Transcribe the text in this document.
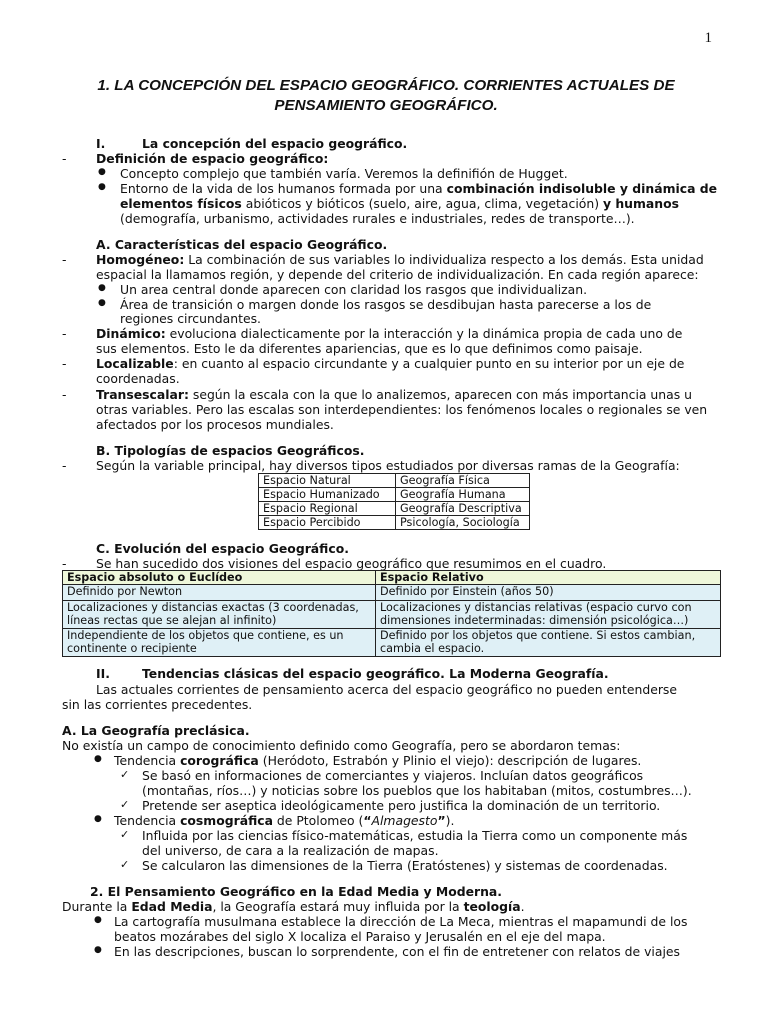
1
1. LA CONCEPCIÓN DEL ESPACIO GEOGRÁFICO. CORRIENTES ACTUALES DE
PENSAMIENTO GEOGRÁFICO.
I.	La concepción del espacio geográfico.
- Definición de espacio geográfico:
● Concepto complejo que también varía. Veremos la definifión de Hugget.
● Entorno de la vida de los humanos formada por una combinación indisoluble y dinámica de
elementos físicos abióticos y bióticos (suelo, aire, agua, clima, vegetación) y humanos
(demografía, urbanismo, actividades rurales e industriales, redes de transporte…).
A. Características del espacio Geográfico.
- Homogéneo: La combinación de sus variables lo individualiza respecto a los demás. Esta unidad
espacial la llamamos región, y depende del criterio de individualización. En cada región aparece:
● Un area central donde aparecen con claridad los rasgos que individualizan.
● Área de transición o margen donde los rasgos se desdibujan hasta parecerse a los de
regiones circundantes.
- Dinámico: evoluciona dialecticamente por la interacción y la dinámica propia de cada uno de
sus elementos. Esto le da diferentes apariencias, que es lo que definimos como paisaje.
- Localizable: en cuanto al espacio circundante y a cualquier punto en su interior por un eje de
coordenadas.
- Transescalar: según la escala con la que lo analizemos, aparecen con más importancia unas u
otras variables. Pero las escalas son interdependientes: los fenómenos locales o regionales se ven
afectados por los procesos mundiales.
B. Tipologías de espacios Geográficos.
- Según la variable principal, hay diversos tipos estudiados por diversas ramas de la Geografía:
Espacio Natural	Geografía Física
Espacio Humanizado	Geografía Humana
Espacio Regional	Geografía Descriptiva
Espacio Percibido	Psicología, Sociología
C. Evolución del espacio Geográfico.
- Se han sucedido dos visiones del espacio geográfico que resumimos en el cuadro.
Espacio absoluto o Euclídeo	Espacio Relativo
Definido por Newton	Definido por Einstein (años 50)
Localizaciones y distancias exactas (3 coordenadas, líneas rectas que se alejan al infinito)	Localizaciones y distancias relativas (espacio curvo con dimensiones indeterminadas: dimensión psicológica…)
Independiente de los objetos que contiene, es un continente o recipiente	Definido por los objetos que contiene. Si estos cambian, cambia el espacio.
II.	Tendencias clásicas del espacio geográfico. La Moderna Geografía.
Las actuales corrientes de pensamiento acerca del espacio geográfico no pueden entenderse
sin las corrientes precedentes.
A. La Geografía preclásica.
No existía un campo de conocimiento definido como Geografía, pero se abordaron temas:
● Tendencia corográfica (Heródoto, Estrabón y Plinio el viejo): descripción de lugares.
✓ Se basó en informaciones de comerciantes y viajeros. Incluían datos geográficos
(montañas, ríos…) y noticias sobre los pueblos que los habitaban (mitos, costumbres…).
✓ Pretende ser aseptica ideológicamente pero justifica la dominación de un territorio.
● Tendencia cosmográfica de Ptolomeo (“Almagesto”).
✓ Influida por las ciencias físico-matemáticas, estudia la Tierra como un componente más
del universo, de cara a la realización de mapas.
✓ Se calcularon las dimensiones de la Tierra (Eratóstenes) y sistemas de coordenadas.
2. El Pensamiento Geográfico en la Edad Media y Moderna.
Durante la Edad Media, la Geografía estará muy influida por la teología.
● La cartografía musulmana establece la dirección de La Meca, mientras el mapamundi de los
beatos mozárabes del siglo X localiza el Paraiso y Jerusalén en el eje del mapa.
● En las descripciones, buscan lo sorprendente, con el fin de entretener con relatos de viajes
